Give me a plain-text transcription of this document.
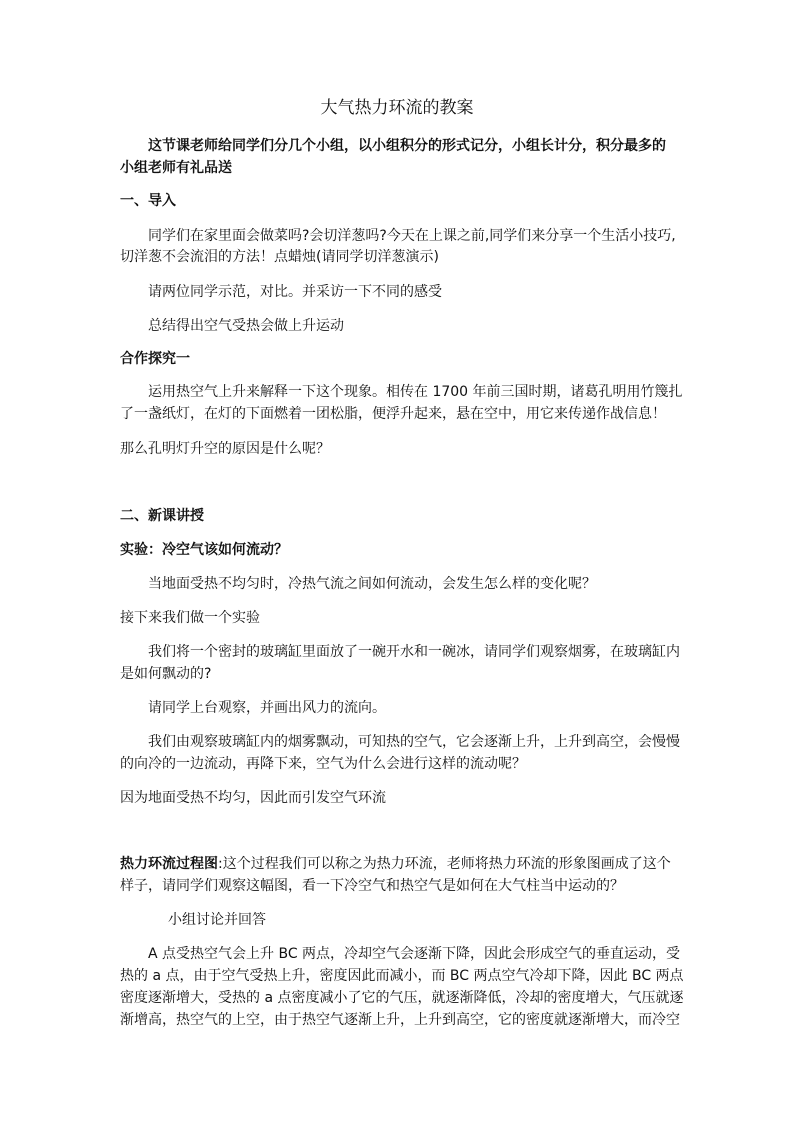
大气热力环流的教案

这节课老师给同学们分几个小组，以小组积分的形式记分，小组长计分，积分最多的

小组老师有礼品送

一、导入

同学们在家里面会做菜吗?会切洋葱吗?今天在上课之前,同学们来分享一个生活小技巧,

切洋葱不会流泪的方法！点蜡烛(请同学切洋葱演示)

请两位同学示范，对比。并采访一下不同的感受

总结得出空气受热会做上升运动

合作探究一

运用热空气上升来解释一下这个现象。相传在 1700 年前三国时期，诸葛孔明用竹篾扎

了一盏纸灯，在灯的下面燃着一团松脂，便浮升起来，悬在空中，用它来传递作战信息！

那么孔明灯升空的原因是什么呢？

二、新课讲授

实验：冷空气该如何流动？

当地面受热不均匀时，冷热气流之间如何流动，会发生怎么样的变化呢？

接下来我们做一个实验

我们将一个密封的玻璃缸里面放了一碗开水和一碗冰，请同学们观察烟雾，在玻璃缸内

是如何飘动的?

请同学上台观察，并画出风力的流向。

我们由观察玻璃缸内的烟雾飘动，可知热的空气，它会逐渐上升，上升到高空，会慢慢

的向冷的一边流动，再降下来，空气为什么会进行这样的流动呢？

因为地面受热不均匀，因此而引发空气环流

热力环流过程图:这个过程我们可以称之为热力环流，老师将热力环流的形象图画成了这个

样子，请同学们观察这幅图，看一下冷空气和热空气是如何在大气柱当中运动的？

小组讨论并回答

A 点受热空气会上升 BC 两点，冷却空气会逐渐下降，因此会形成空气的垂直运动，受

热的 a 点，由于空气受热上升，密度因此而减小，而 BC 两点空气冷却下降，因此 BC 两点

密度逐渐增大，受热的 a 点密度减小了它的气压，就逐渐降低，冷却的密度增大，气压就逐

渐增高，热空气的上空，由于热空气逐渐上升，上升到高空，它的密度就逐渐增大，而冷空
